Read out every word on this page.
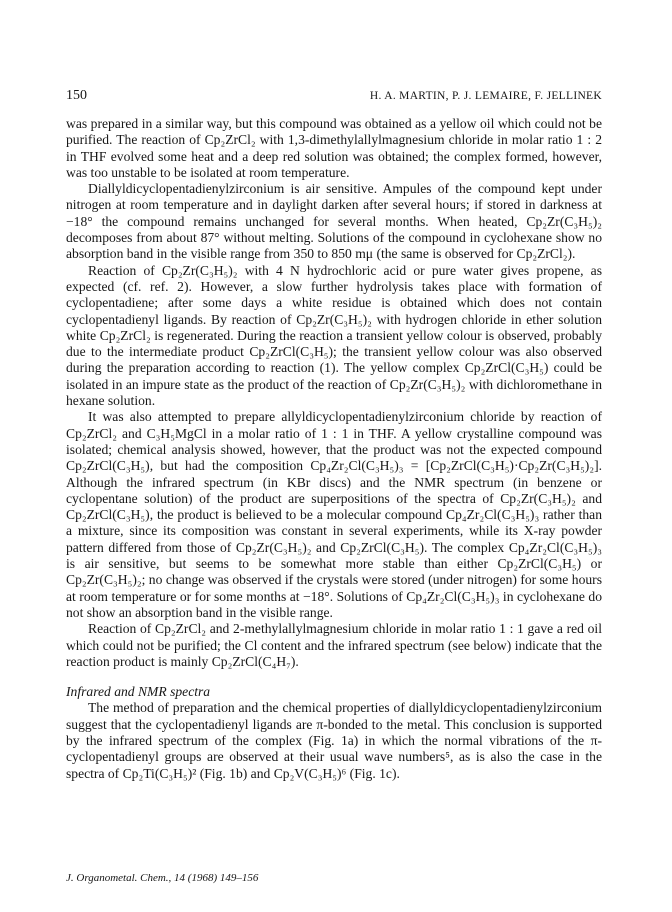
150	H. A. MARTIN, P. J. LEMAIRE, F. JELLINEK

was prepared in a similar way, but this compound was obtained as a yellow oil which could not be purified. The reaction of Cp₂ZrCl₂ with 1,3-dimethylallylmagnesium chloride in molar ratio 1 : 2 in THF evolved some heat and a deep red solution was obtained; the complex formed, however, was too unstable to be isolated at room temperature.

Diallyldicyclopentadienylzirconium is air sensitive. Ampules of the compound kept under nitrogen at room temperature and in daylight darken after several hours; if stored in darkness at −18° the compound remains unchanged for several months. When heated, Cp₂Zr(C₃H₅)₂ decomposes from about 87° without melting. Solutions of the compound in cyclohexane show no absorption band in the visible range from 350 to 850 mμ (the same is observed for Cp₂ZrCl₂).

Reaction of Cp₂Zr(C₃H₅)₂ with 4 N hydrochloric acid or pure water gives propene, as expected (cf. ref. 2). However, a slow further hydrolysis takes place with formation of cyclopentadiene; after some days a white residue is obtained which does not contain cyclopentadienyl ligands. By reaction of Cp₂Zr(C₃H₅)₂ with hydrogen chloride in ether solution white Cp₂ZrCl₂ is regenerated. During the reaction a transient yellow colour is observed, probably due to the intermediate product Cp₂ZrCl(C₃H₅); the transient yellow colour was also observed during the preparation according to reaction (1). The yellow complex Cp₂ZrCl(C₃H₅) could be isolated in an impure state as the product of the reaction of Cp₂Zr(C₃H₅)₂ with dichloromethane in hexane solution.

It was also attempted to prepare allyldicyclopentadienylzirconium chloride by reaction of Cp₂ZrCl₂ and C₃H₅MgCl in a molar ratio of 1 : 1 in THF. A yellow crystalline compound was isolated; chemical analysis showed, however, that the product was not the expected compound Cp₂ZrCl(C₃H₅), but had the composition Cp₄Zr₂Cl(C₃H₅)₃ = [Cp₂ZrCl(C₃H₅)·Cp₂Zr(C₃H₅)₂]. Although the infrared spectrum (in KBr discs) and the NMR spectrum (in benzene or cyclopentane solution) of the product are superpositions of the spectra of Cp₂Zr(C₃H₅)₂ and Cp₂ZrCl(C₃H₅), the product is believed to be a molecular compound Cp₄Zr₂Cl(C₃H₅)₃ rather than a mixture, since its composition was constant in several experiments, while its X-ray powder pattern differed from those of Cp₂Zr(C₃H₅)₂ and Cp₂ZrCl(C₃H₅). The complex Cp₄Zr₂Cl(C₃H₅)₃ is air sensitive, but seems to be somewhat more stable than either Cp₂ZrCl(C₃H₅) or Cp₂Zr(C₃H₅)₂; no change was observed if the crystals were stored (under nitrogen) for some hours at room temperature or for some months at −18°. Solutions of Cp₄Zr₂Cl(C₃H₅)₃ in cyclohexane do not show an absorption band in the visible range.

Reaction of Cp₂ZrCl₂ and 2-methylallylmagnesium chloride in molar ratio 1 : 1 gave a red oil which could not be purified; the Cl content and the infrared spectrum (see below) indicate that the reaction product is mainly Cp₂ZrCl(C₄H₇).

Infrared and NMR spectra

The method of preparation and the chemical properties of diallyldicyclopentadienylzirconium suggest that the cyclopentadienyl ligands are π-bonded to the metal. This conclusion is supported by the infrared spectrum of the complex (Fig. 1a) in which the normal vibrations of the π-cyclopentadienyl groups are observed at their usual wave numbers⁵, as is also the case in the spectra of Cp₂Ti(C₃H₅)² (Fig. 1b) and Cp₂V(C₃H₅)⁶ (Fig. 1c).

J. Organometal. Chem., 14 (1968) 149–156
